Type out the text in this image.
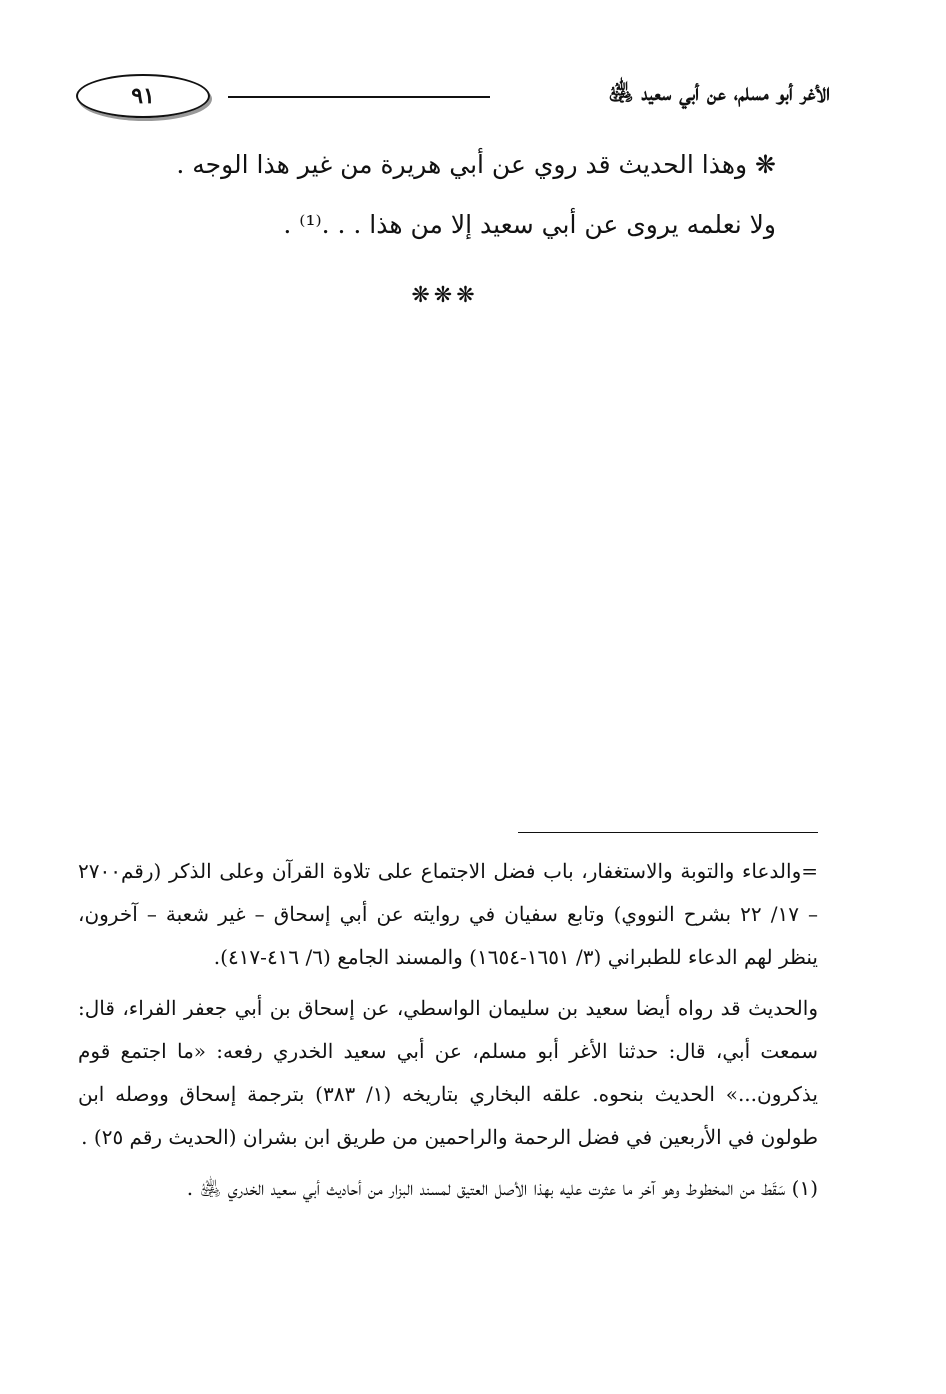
٩١	الأغر أبو مسلم، عن أبي سعيد ﵁
❋ وهذا الحديث قد روي عن أبي هريرة من غير هذا الوجه .
ولا نعلمه يروى عن أبي سعيد إلا من هذا . . .⁽¹⁾ .
❋❋❋

=والدعاء والتوبة والاستغفار، باب فضل الاجتماع على تلاوة القرآن وعلى الذكر (رقم٢٧٠٠ – ١٧/ ٢٢ بشرح النووي) وتابع سفيان في روايته عن أبي إسحاق – غير شعبة – آخرون، ينظر لهم الدعاء للطبراني (٣/ ١٦٥١-١٦٥٤) والمسند الجامع (٦/ ٤١٦-٤١٧).

والحديث قد رواه أيضا سعيد بن سليمان الواسطي، عن إسحاق بن أبي جعفر الفراء، قال: سمعت أبي، قال: حدثنا الأغر أبو مسلم، عن أبي سعيد الخدري رفعه: «ما اجتمع قوم يذكرون...» الحديث بنحوه. علقه البخاري بتاريخه (١/ ٣٨٣) بترجمة إسحاق ووصله ابن طولون في الأربعين في فضل الرحمة والراحمين من طريق ابن بشران (الحديث رقم ٢٥) .

(١) سَقَط من المخطوط وهو آخر ما عثرت عليه بهذا الأصل العتيق لمسند البزار من أحاديث أبي سعيد الخدري ﵁ .
